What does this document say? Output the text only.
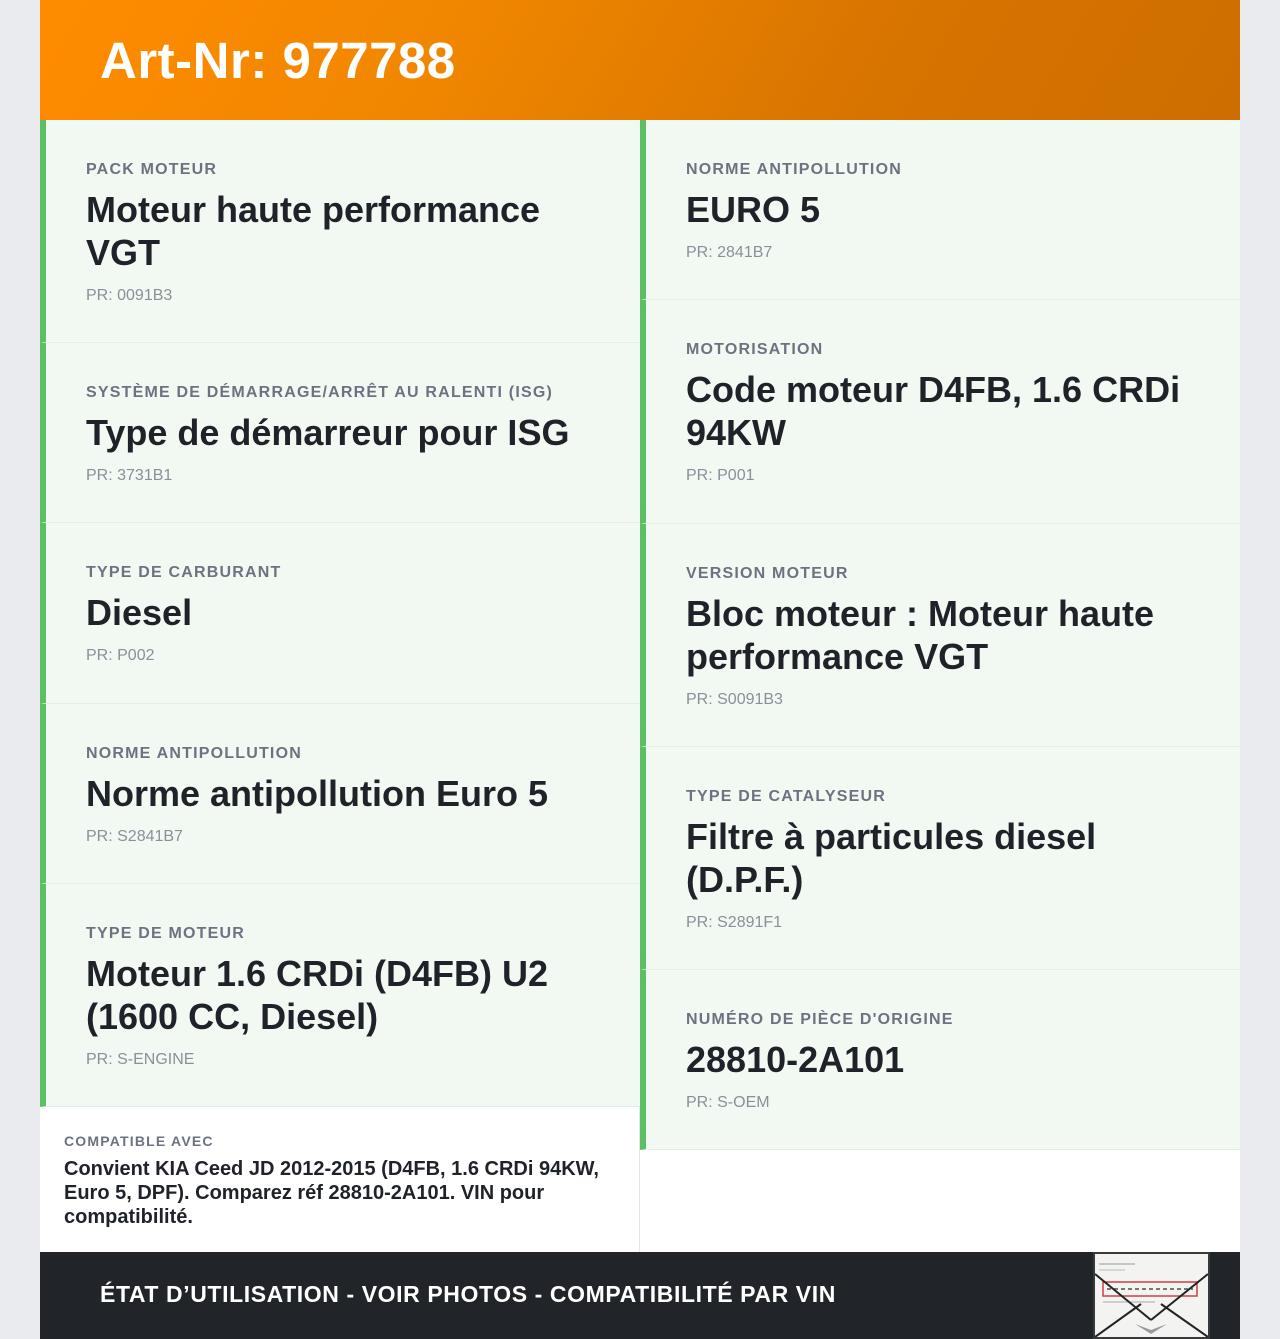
Art-Nr: 977788
PACK MOTEUR
Moteur haute performance VGT
PR: 0091B3
SYSTÈME DE DÉMARRAGE/ARRÊT AU RALENTI (ISG)
Type de démarreur pour ISG
PR: 3731B1
TYPE DE CARBURANT
Diesel
PR: P002
NORME ANTIPOLLUTION
Norme antipollution Euro 5
PR: S2841B7
TYPE DE MOTEUR
Moteur 1.6 CRDi (D4FB) U2 (1600 CC, Diesel)
PR: S-ENGINE
NORME ANTIPOLLUTION
EURO 5
PR: 2841B7
MOTORISATION
Code moteur D4FB, 1.6 CRDi 94KW
PR: P001
VERSION MOTEUR
Bloc moteur : Moteur haute performance VGT
PR: S0091B3
TYPE DE CATALYSEUR
Filtre à particules diesel (D.P.F.)
PR: S2891F1
NUMÉRO DE PIÈCE D'ORIGINE
28810-2A101
PR: S-OEM
COMPATIBLE AVEC
Convient KIA Ceed JD 2012-2015 (D4FB, 1.6 CRDi 94KW, Euro 5, DPF). Comparez réf 28810-2A101. VIN pour compatibilité.
ÉTAT D’UTILISATION - VOIR PHOTOS - COMPATIBILITÉ PAR VIN
